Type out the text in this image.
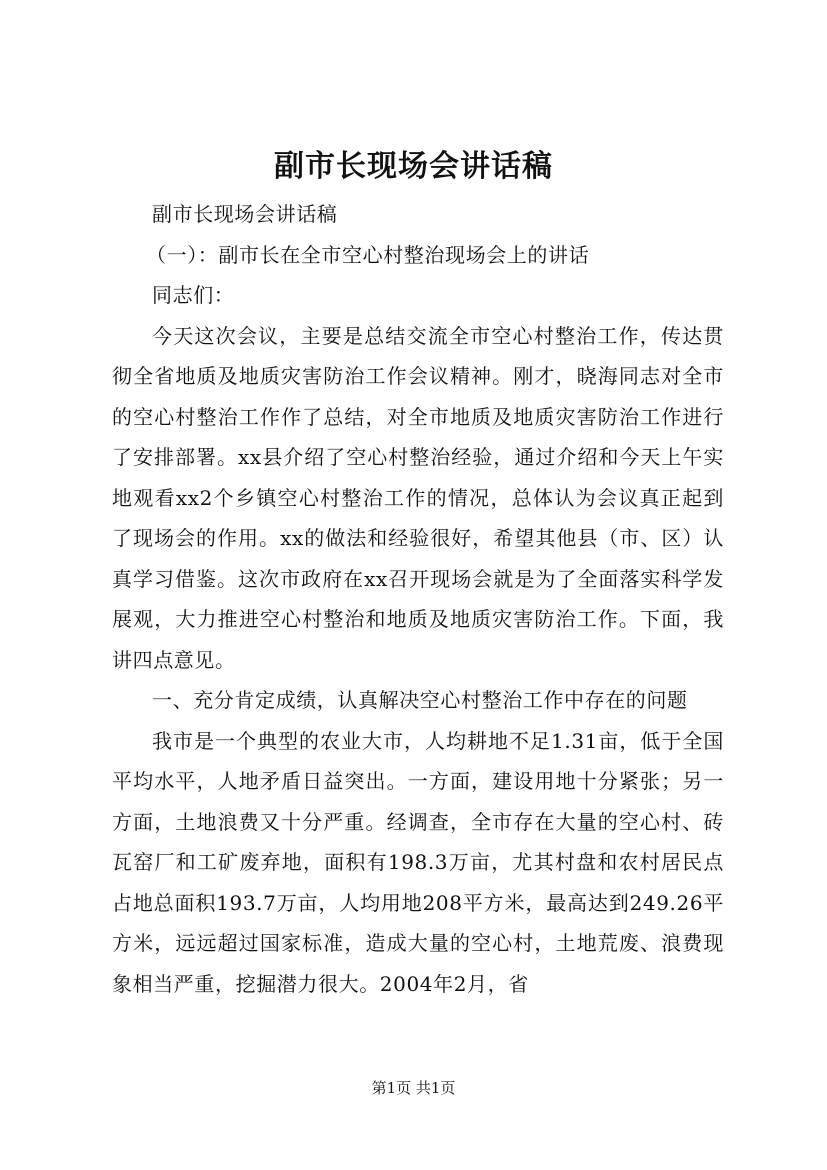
副市长现场会讲话稿

副市长现场会讲话稿

（一）：副市长在全市空心村整治现场会上的讲话

同志们：

今天这次会议，主要是总结交流全市空心村整治工作，传达贯彻全省地质及地质灾害防治工作会议精神。刚才，晓海同志对全市的空心村整治工作作了总结，对全市地质及地质灾害防治工作进行了安排部署。xx县介绍了空心村整治经验，通过介绍和今天上午实地观看xx2个乡镇空心村整治工作的情况，总体认为会议真正起到了现场会的作用。xx的做法和经验很好，希望其他县（市、区）认真学习借鉴。这次市政府在xx召开现场会就是为了全面落实科学发展观，大力推进空心村整治和地质及地质灾害防治工作。下面，我讲四点意见。

一、充分肯定成绩，认真解决空心村整治工作中存在的问题

我市是一个典型的农业大市，人均耕地不足1.31亩，低于全国平均水平，人地矛盾日益突出。一方面，建设用地十分紧张；另一方面，土地浪费又十分严重。经调查，全市存在大量的空心村、砖瓦窑厂和工矿废弃地，面积有198.3万亩，尤其村盘和农村居民点占地总面积193.7万亩，人均用地208平方米，最高达到249.26平方米，远远超过国家标准，造成大量的空心村，土地荒废、浪费现象相当严重，挖掘潜力很大。2004年2月，省

第1页 共1页
